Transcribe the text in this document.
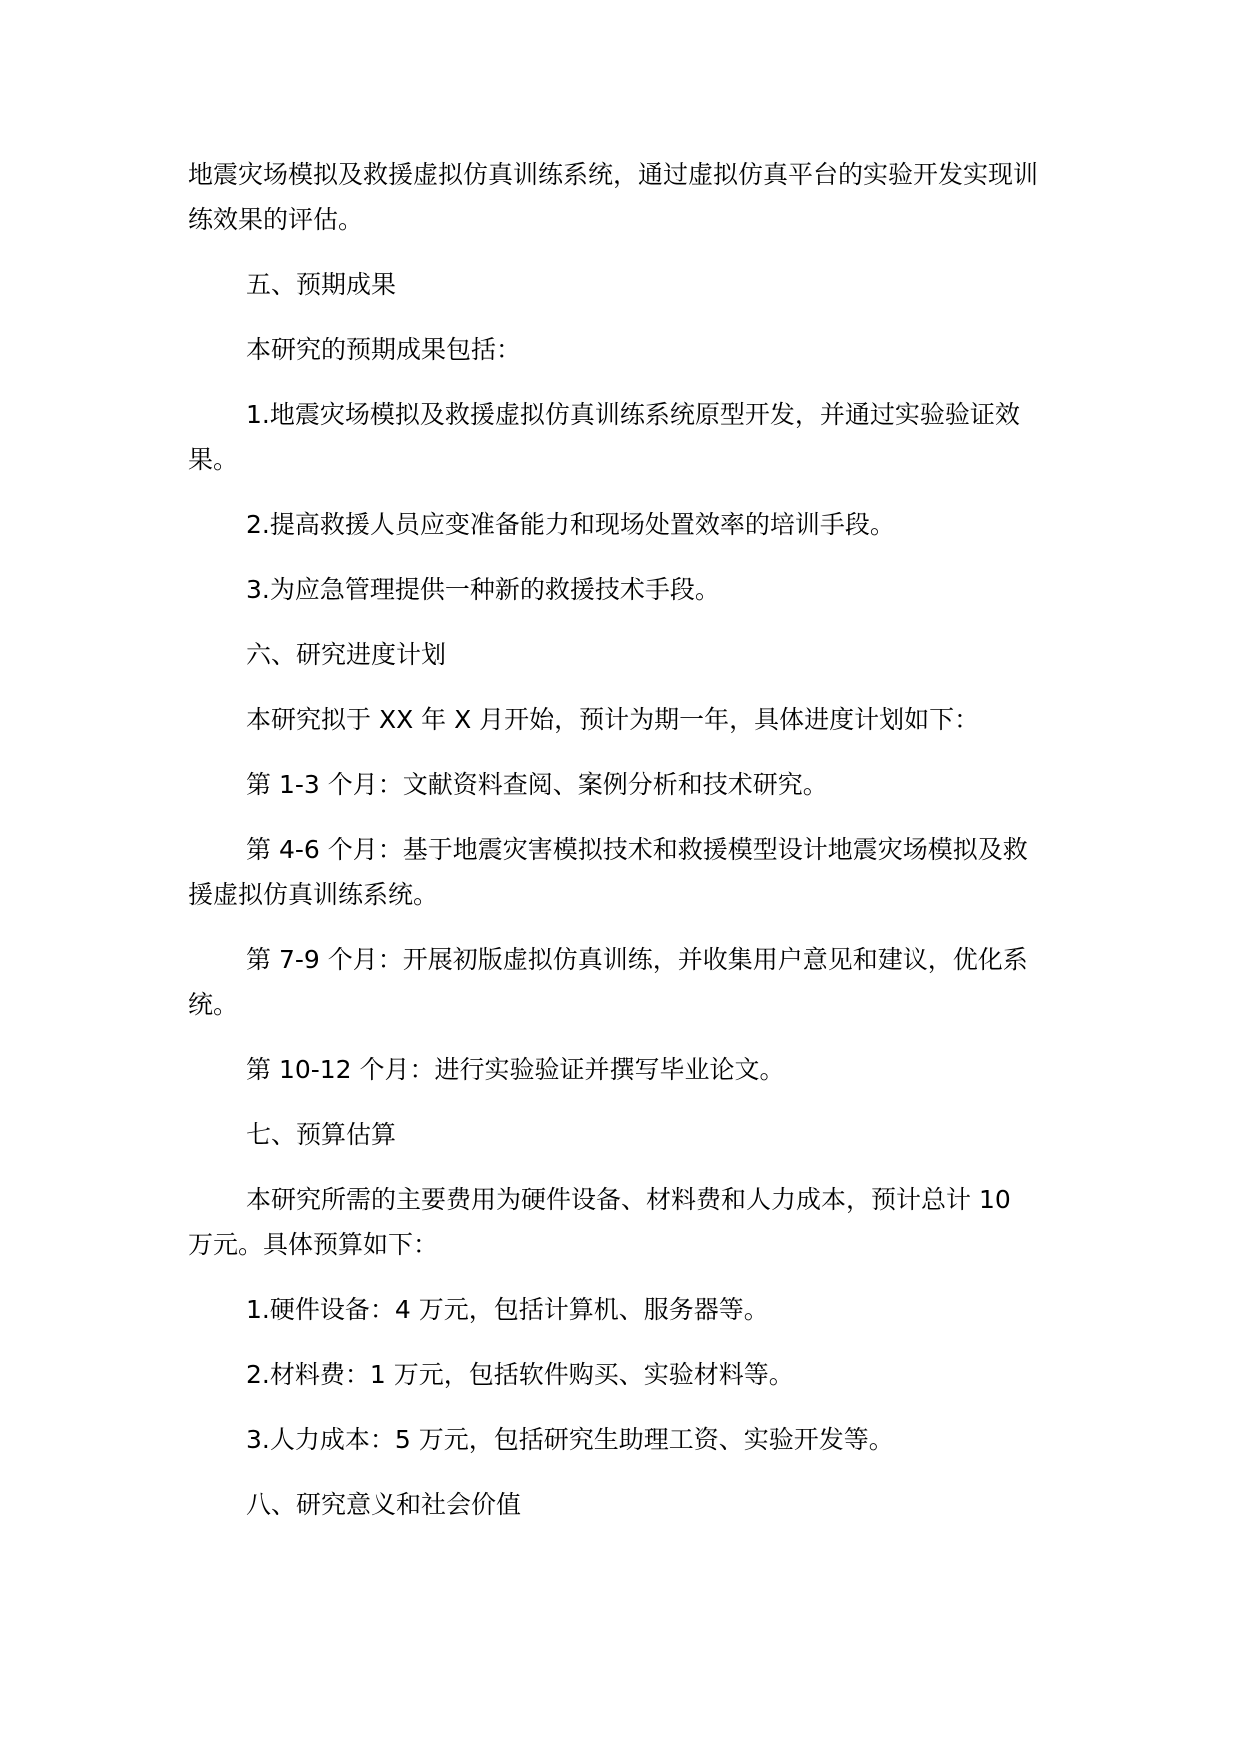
地震灾场模拟及救援虚拟仿真训练系统，通过虚拟仿真平台的实验开发实现训练效果的评估。

五、预期成果

本研究的预期成果包括：

1.地震灾场模拟及救援虚拟仿真训练系统原型开发，并通过实验验证效果。

2.提高救援人员应变准备能力和现场处置效率的培训手段。

3.为应急管理提供一种新的救援技术手段。

六、研究进度计划

本研究拟于 XX 年 X 月开始，预计为期一年，具体进度计划如下：

第 1-3 个月：文献资料查阅、案例分析和技术研究。

第 4-6 个月：基于地震灾害模拟技术和救援模型设计地震灾场模拟及救援虚拟仿真训练系统。

第 7-9 个月：开展初版虚拟仿真训练，并收集用户意见和建议，优化系统。

第 10-12 个月：进行实验验证并撰写毕业论文。

七、预算估算

本研究所需的主要费用为硬件设备、材料费和人力成本，预计总计 10 万元。具体预算如下：

1.硬件设备：4 万元，包括计算机、服务器等。

2.材料费：1 万元，包括软件购买、实验材料等。

3.人力成本：5 万元，包括研究生助理工资、实验开发等。

八、研究意义和社会价值
